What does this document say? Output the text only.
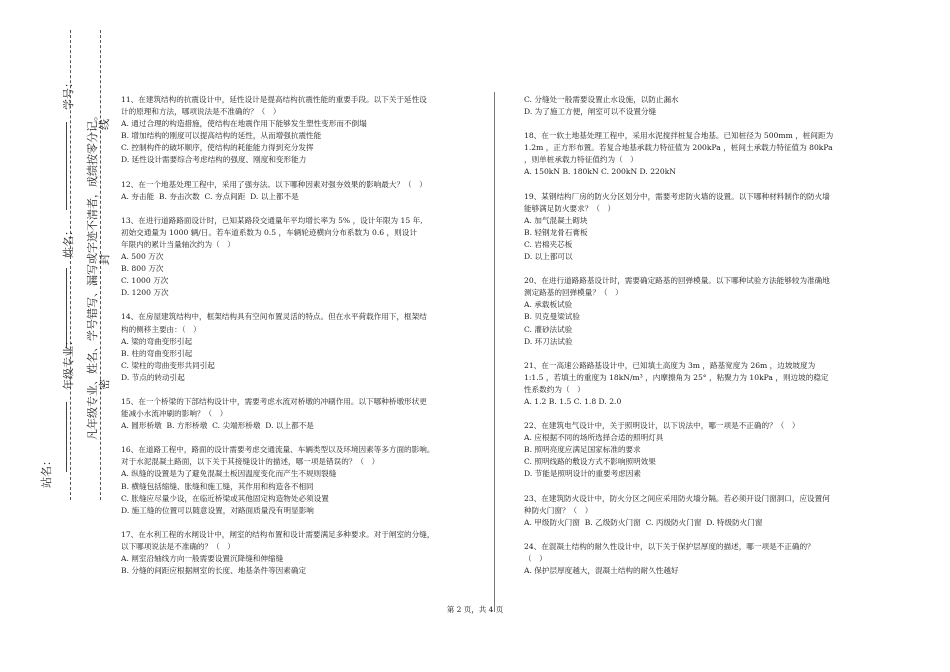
学号：
姓名：
年级专业： 凡年级专业、姓名、学号错写、漏写或字迹不清者，成绩按零分记。 线
封
密
站名：

11、在建筑结构的抗震设计中，延性设计是提高结构抗震性能的重要手段。以下关于延性设

计的原理和方法，哪项说法是不准确的？（　）

A. 通过合理的构造措施，使结构在地震作用下能够发生塑性变形而不倒塌

B. 增加结构的刚度可以提高结构的延性，从而增强抗震性能

C. 控制构件的破坏顺序，使结构的耗能能力得到充分发挥

D. 延性设计需要综合考虑结构的强度、刚度和变形能力

12、在一个地基处理工程中，采用了强夯法。以下哪种因素对强夯效果的影响最大？（　）

A. 夯击能  B. 夯击次数  C. 夯点间距  D. 以上都不是

13、在进行道路路面设计时，已知某路段交通量年平均增长率为 5% ，设计年限为 15 年,

初始交通量为 1000 辆/日。若车道系数为 0.5 ，车辆轮迹横向分布系数为 0.6 ，则设计

年限内的累计当量轴次约为（　）

A. 500 万次

B. 800 万次

C. 1000 万次

D. 1200 万次

14、在房屋建筑结构中，框架结构具有空间布置灵活的特点。但在水平荷载作用下，框架结

构的侧移主要由：（　）

A. 梁的弯曲变形引起

B. 柱的弯曲变形引起

C. 梁柱的弯曲变形共同引起

D. 节点的转动引起

15、在一个桥梁的下部结构设计中，需要考虑水流对桥墩的冲刷作用。以下哪种桥墩形状更

能减小水流冲刷的影响？（　）

A. 圆形桥墩  B. 方形桥墩  C. 尖端形桥墩  D. 以上都不是

16、在道路工程中，路面的设计需要考虑交通流量、车辆类型以及环境因素等多方面的影响。

对于水泥混凝土路面，以下关于其接缝设计的描述，哪一项是错误的？（　）

A. 纵缝的设置是为了避免混凝土板因温度变化而产生不规则裂缝

B. 横缝包括缩缝、胀缝和施工缝，其作用和构造各不相同

C. 胀缝应尽量少设，在临近桥梁或其他固定构造物处必须设置

D. 施工缝的位置可以随意设置，对路面质量没有明显影响

17、在水利工程的水闸设计中，闸室的结构布置和设计需要满足多种要求。对于闸室的分缝，

以下哪项说法是不准确的？（　）

A. 闸室沿轴线方向一般需要设置沉降缝和伸缩缝

B. 分缝的间距应根据闸室的长度、地基条件等因素确定

C. 分缝处一般需要设置止水设施，以防止漏水

D. 为了施工方便，闸室可以不设置分缝

18、在一软土地基处理工程中，采用水泥搅拌桩复合地基。已知桩径为 500mm ，桩间距为

1.2m ，正方形布置。若复合地基承载力特征值为 200kPa ，桩间土承载力特征值为 80kPa

，则单桩承载力特征值约为（　）

A. 150kN B. 180kN C. 200kN D. 220kN

19、某钢结构厂房的防火分区划分中，需要考虑防火墙的设置。以下哪种材料制作的防火墙

能够满足防火要求？（　）

A. 加气混凝土砌块

B. 轻钢龙骨石膏板

C. 岩棉夹芯板

D. 以上都可以

20、在进行道路路基设计时，需要确定路基的回弹模量。以下哪种试验方法能够较为准确地

测定路基的回弹模量？（　）

A. 承载板试验

B. 贝克曼梁试验

C. 灌砂法试验

D. 环刀法试验

21、在一高速公路路基设计中，已知填土高度为 3m ，路基宽度为 26m ，边坡坡度为

1:1.5 ，若填土的重度为 18kN/m³ ，内摩擦角为 25° ，粘聚力为 10kPa ，则边坡的稳定

性系数约为（　）

A. 1.2 B. 1.5 C. 1.8 D. 2.0

22、在建筑电气设计中，关于照明设计，以下说法中，哪一项是不正确的？（　）

A. 应根据不同的场所选择合适的照明灯具

B. 照明亮度应满足国家标准的要求

C. 照明线路的敷设方式不影响照明效果

D. 节能是照明设计的重要考虑因素

23、在建筑防火设计中，防火分区之间应采用防火墙分隔。若必须开设门窗洞口，应设置何

种防火门窗？（　）

A. 甲级防火门窗  B. 乙级防火门窗  C. 丙级防火门窗  D. 特级防火门窗

24、在混凝土结构的耐久性设计中，以下关于保护层厚度的描述，哪一项是不正确的？

（　）

A. 保护层厚度越大，混凝土结构的耐久性越好

第 2 页，共 4 页
